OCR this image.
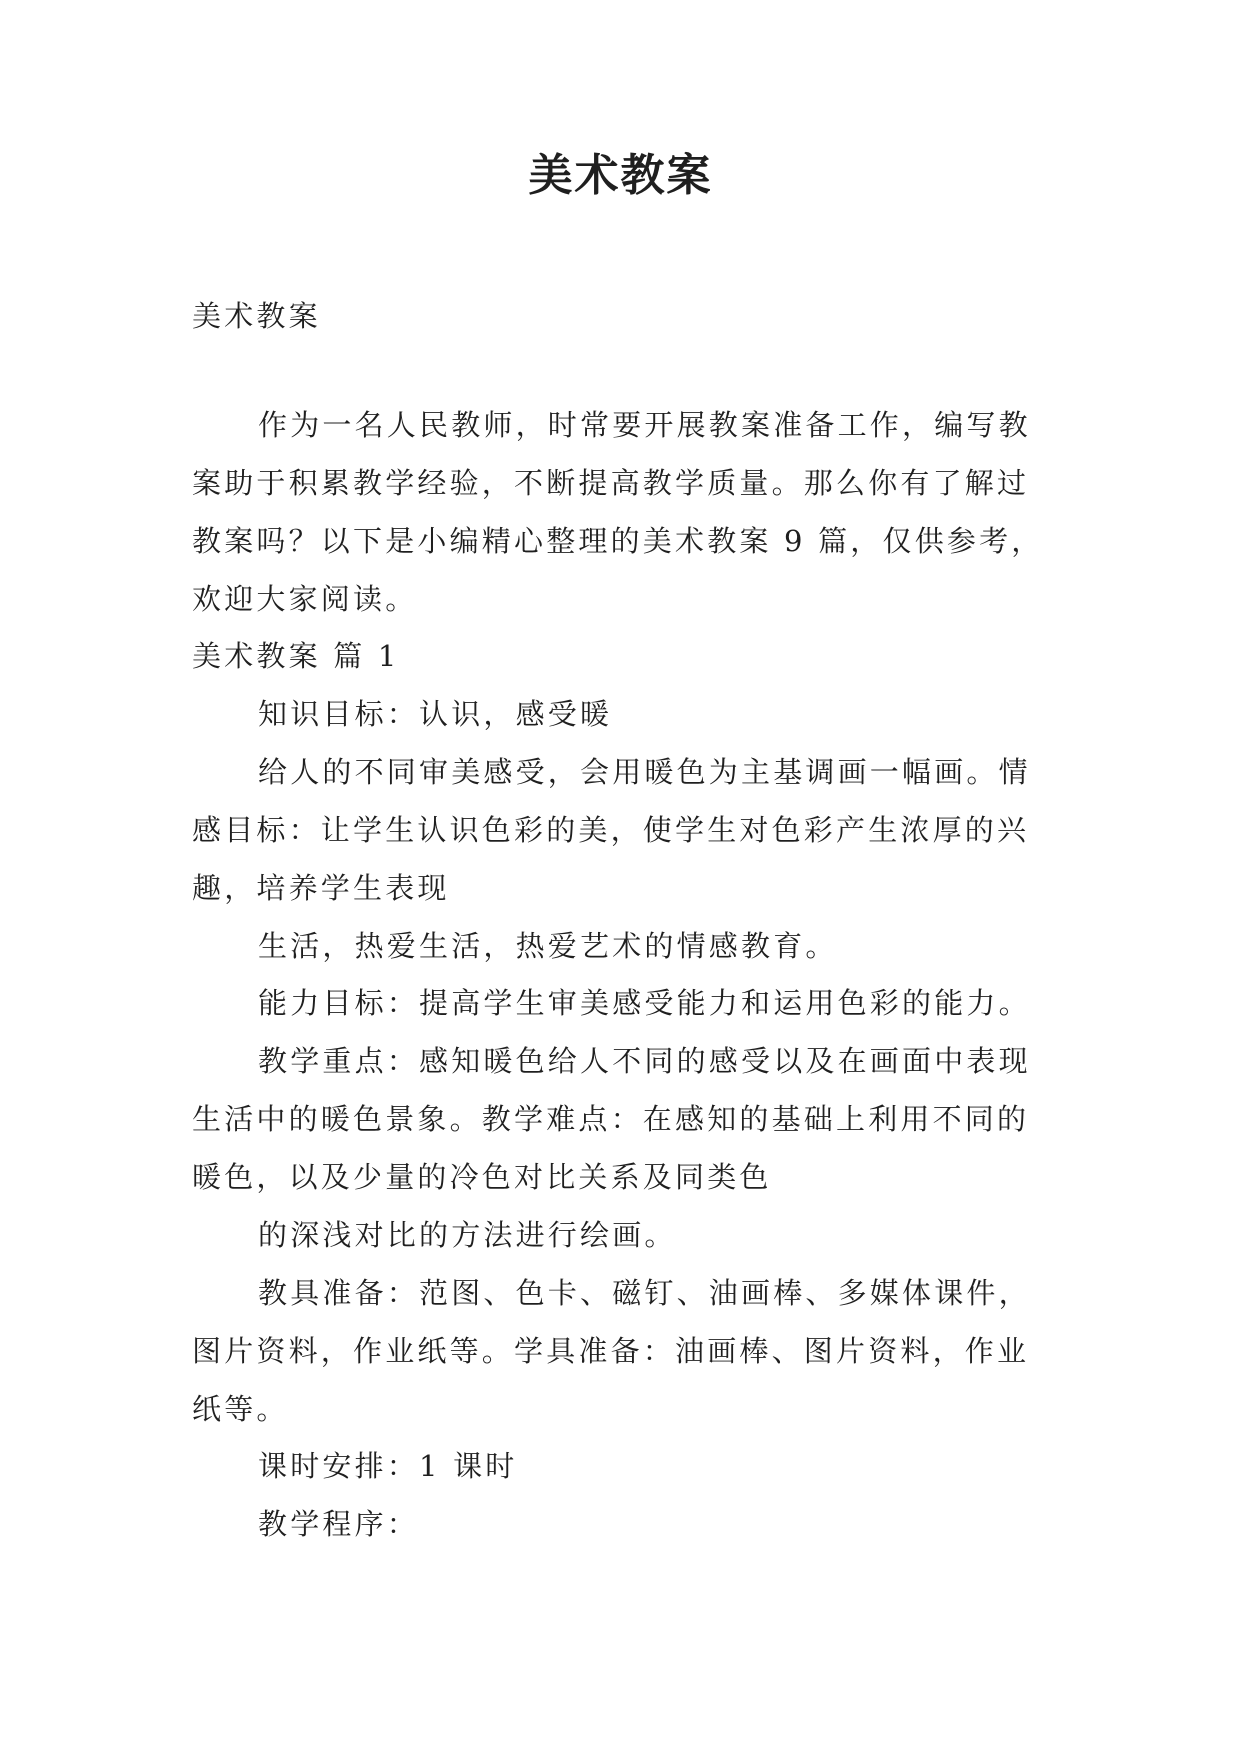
美术教案

美术教案

作为一名人民教师，时常要开展教案准备工作，编写教

案助于积累教学经验，不断提高教学质量。那么你有了解过

教案吗？以下是小编精心整理的美术教案 9 篇，仅供参考，

欢迎大家阅读。

美术教案 篇 1

知识目标：认识，感受暖

给人的不同审美感受，会用暖色为主基调画一幅画。情

感目标：让学生认识色彩的美，使学生对色彩产生浓厚的兴

趣，培养学生表现

生活，热爱生活，热爱艺术的情感教育。

能力目标：提高学生审美感受能力和运用色彩的能力。

教学重点：感知暖色给人不同的感受以及在画面中表现

生活中的暖色景象。教学难点：在感知的基础上利用不同的

暖色，以及少量的冷色对比关系及同类色

的深浅对比的方法进行绘画。

教具准备：范图、色卡、磁钉、油画棒、多媒体课件，

图片资料，作业纸等。学具准备：油画棒、图片资料，作业

纸等。

课时安排：1 课时

教学程序：
